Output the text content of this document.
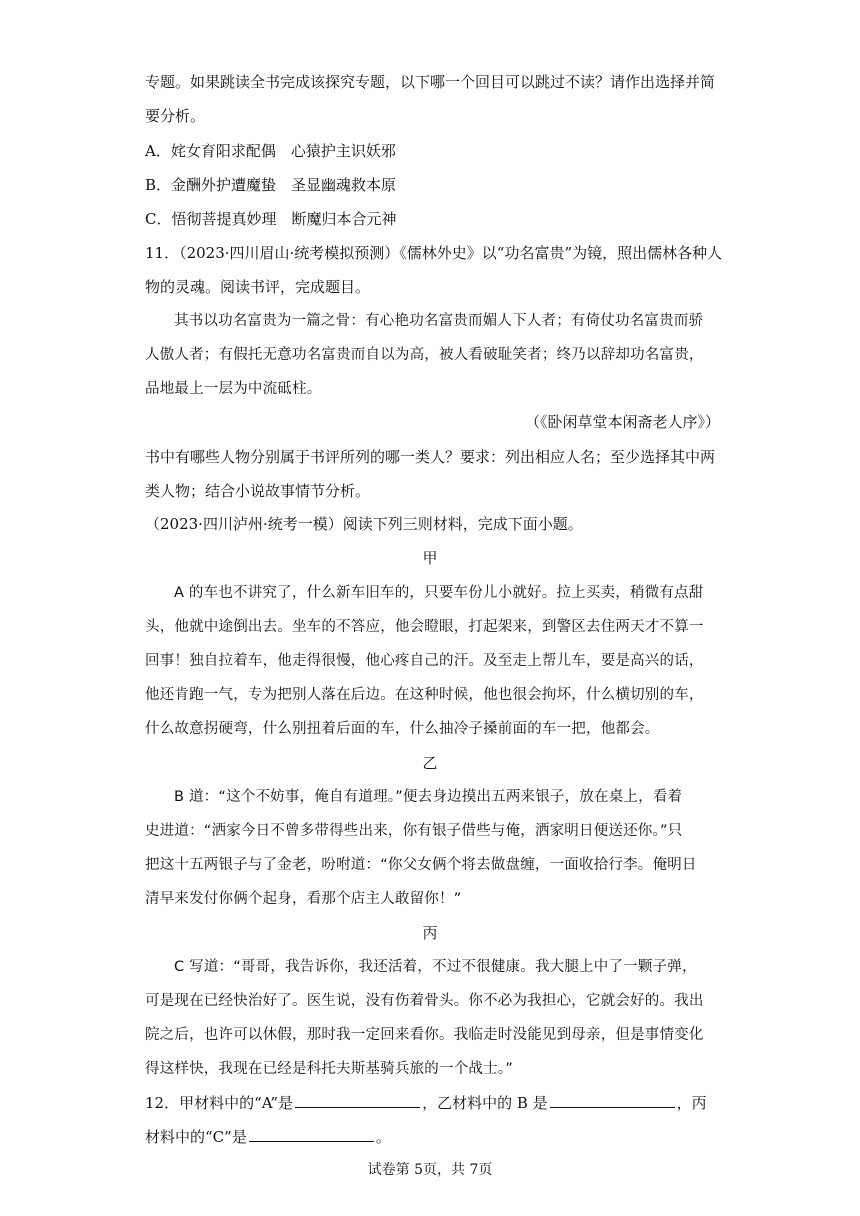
专题。如果跳读全书完成该探究专题，以下哪一个回目可以跳过不读？请作出选择并简
要分析。
A．姹女育阳求配偶　心猿护主识妖邪
B．金酬外护遭魔蛰　圣显幽魂救本原
C．悟彻菩提真妙理　断魔归本合元神
11．（2023·四川眉山·统考模拟预测）《儒林外史》以“功名富贵”为镜，照出儒林各种人
物的灵魂。阅读书评，完成题目。
其书以功名富贵为一篇之骨：有心艳功名富贵而媚人下人者；有倚仗功名富贵而骄
人傲人者；有假托无意功名富贵而自以为高，被人看破耻笑者；终乃以辞却功名富贵，
品地最上一层为中流砥柱。
（《卧闲草堂本闲斋老人序》）
书中有哪些人物分别属于书评所列的哪一类人？要求：列出相应人名；至少选择其中两
类人物；结合小说故事情节分析。
（2023·四川泸州·统考一模）阅读下列三则材料，完成下面小题。
甲
A 的车也不讲究了，什么新车旧车的，只要车份儿小就好。拉上买卖，稍微有点甜
头，他就中途倒出去。坐车的不答应，他会瞪眼，打起架来，到警区去住两天才不算一
回事！独自拉着车，他走得很慢，他心疼自己的汗。及至走上帮儿车，要是高兴的话，
他还肯跑一气，专为把别人落在后边。在这种时候，他也很会拘坏，什么横切别的车，
什么故意拐硬弯，什么别扭着后面的车，什么抽冷子搡前面的车一把，他都会。
乙
B 道：“这个不妨事，俺自有道理。”便去身边摸出五两来银子，放在桌上，看着
史进道：“洒家今日不曾多带得些出来，你有银子借些与俺，洒家明日便送还你。”只
把这十五两银子与了金老，吩咐道：“你父女俩个将去做盘缠，一面收拾行李。俺明日
清早来发付你俩个起身，看那个店主人敢留你！”
丙
C 写道：“哥哥，我告诉你，我还活着，不过不很健康。我大腿上中了一颗子弹，
可是现在已经快治好了。医生说，没有伤着骨头。你不必为我担心，它就会好的。我出
院之后，也许可以休假，那时我一定回来看你。我临走时没能见到母亲，但是事情变化
得这样快，我现在已经是科托夫斯基骑兵旅的一个战士。”
12．甲材料中的“A”是	，乙材料中的 B 是	，丙
材料中的“C”是	。
试卷第 5页，共 7页
